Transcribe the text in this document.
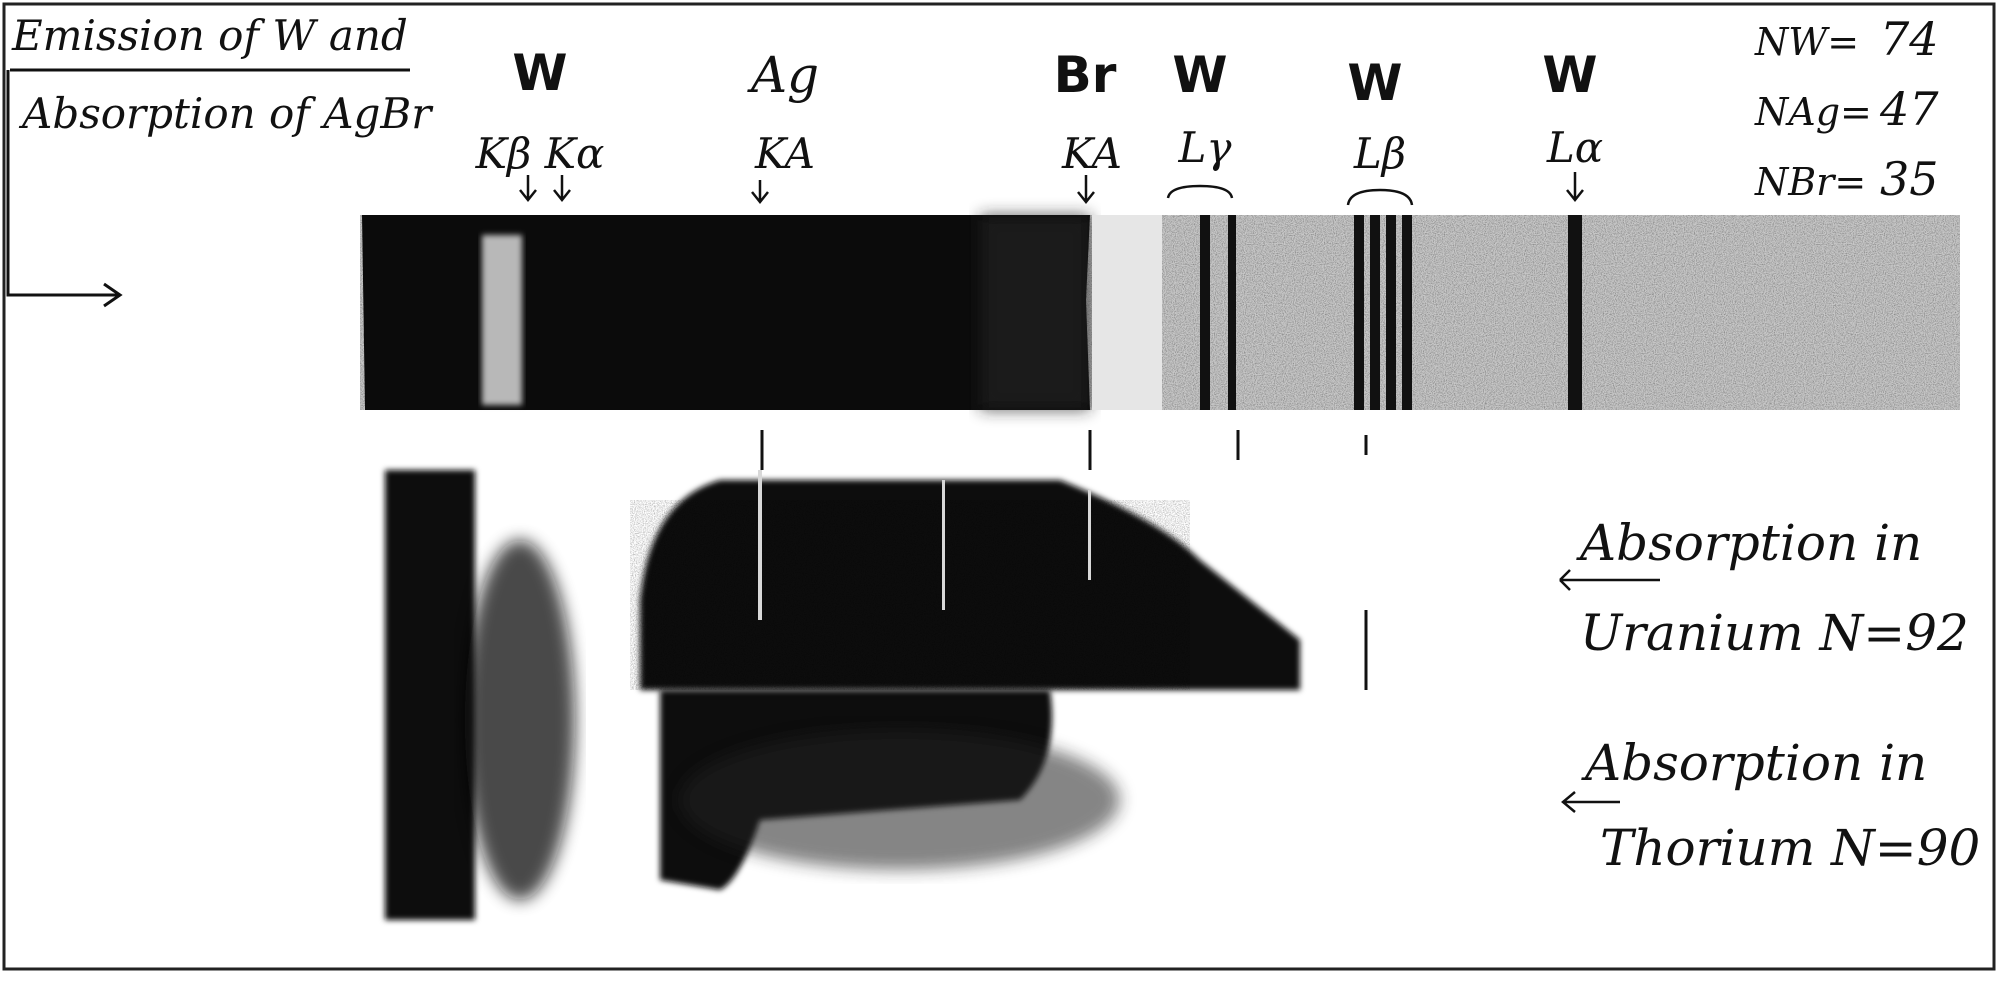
Emission of W and
Absorption of AgBr
W
Kβ Kα
Ag
KA
Br
KA
W
Lγ
W
Lβ
W
Lα
NW= 74
NAg= 47
NBr= 35
Absorption in
Uranium N=92
Absorption in
Thorium N=90
